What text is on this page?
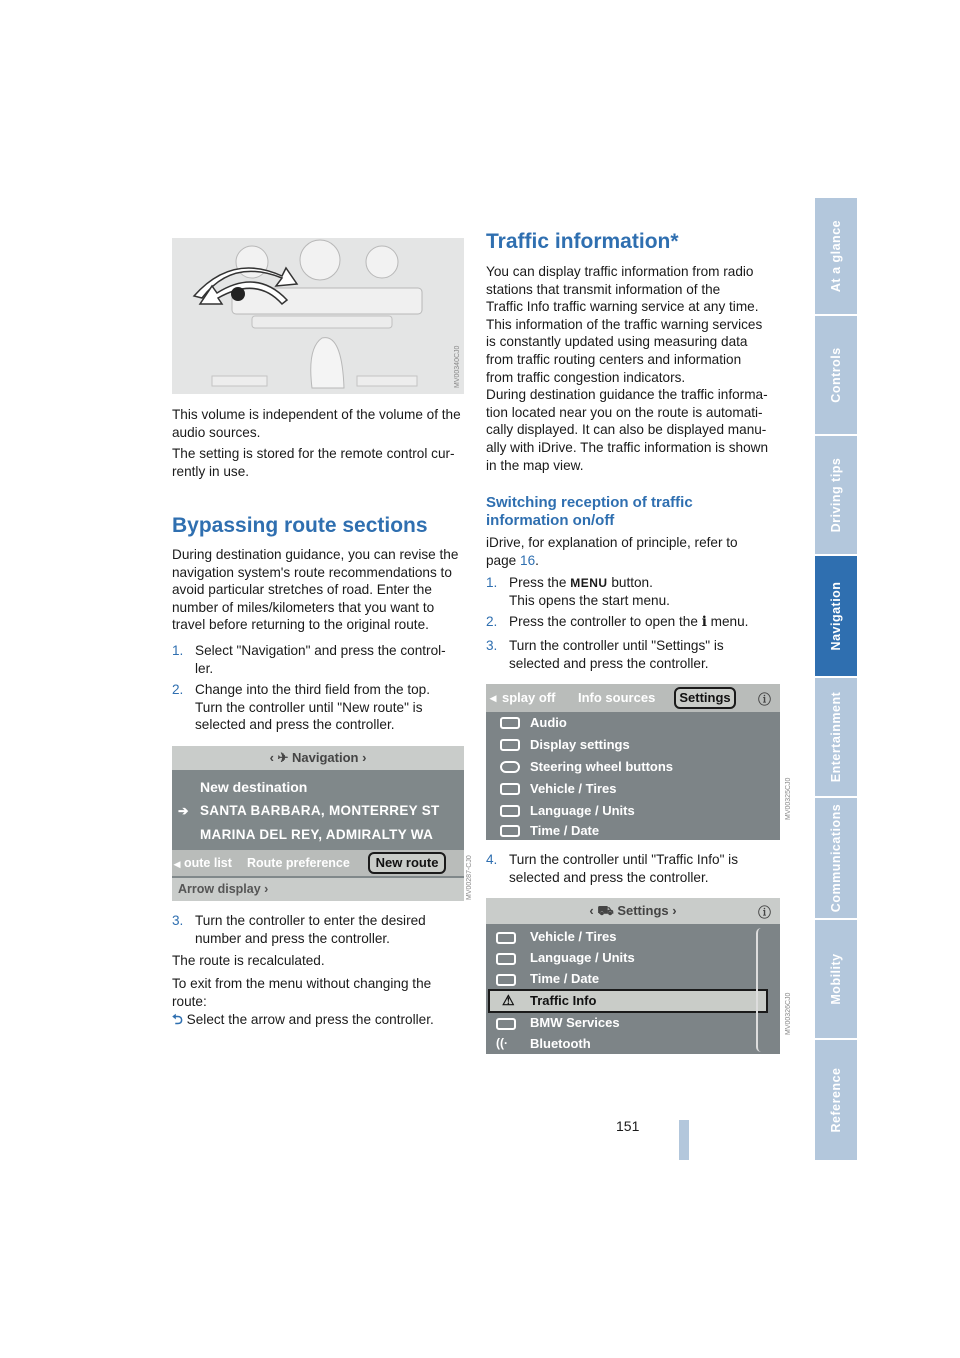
At a glance
Controls
Driving tips
Navigation
Entertainment
Communications
Mobility
Reference
MV00340CJ0

This volume is independent of the volume of the audio sources.

The setting is stored for the remote control cur-

rently in use.

Bypassing route sections

During destination guidance, you can revise the

navigation system's route recommendations to

avoid particular stretches of road. Enter the

number of miles/kilometers that you want to

travel before returning to the original route.

1. Select "Navigation" and press the control-
ler.
2. Change into the third field from the top.
Turn the controller until "New route" is
selected and press the controller.
‹ ✈ Navigation ›
New destination
➔ SANTA BARBARA, MONTERREY ST
MARINA DEL REY, ADMIRALTY WA
◂ oute list Route preference	New route
Arrow display ›	MV00287-CJ0
3. Turn the controller to enter the desired
number and press the controller.

The route is recalculated.

To exit from the menu without changing the

route:

⮌ Select the arrow and press the controller.
Traffic information*

You can display traffic information from radio

stations that transmit information of the

Traffic Info traffic warning service at any time.

This information of the traffic warning services

is constantly updated using measuring data

from traffic routing centers and information

from traffic congestion indicators.

During destination guidance the traffic informa-

tion located near you on the route is automati-

cally displayed. It can also be displayed manu-

ally with iDrive. The traffic information is shown

in the map view.

Switching reception of traffic
information on/off

iDrive, for explanation of principle, refer to

page 16.

1. Press the MENU button.
This opens the start menu.
2. Press the controller to open the i menu.
3. Turn the controller until "Settings" is
selected and press the controller.
◂ splay off Info sources	Settings	ⓘ
Audio
Display settings
Steering wheel buttons
Vehicle / Tires
Language / Units
Time / Date
MV00325CJ0
4. Turn the controller until "Traffic Info" is
selected and press the controller.
‹ ⛟ Settings ›	ⓘ
Vehicle / Tires
Language / Units
Time / Date
⚠ Traffic Info
BMW Services
((· Bluetooth
MV00326CJ0
151
